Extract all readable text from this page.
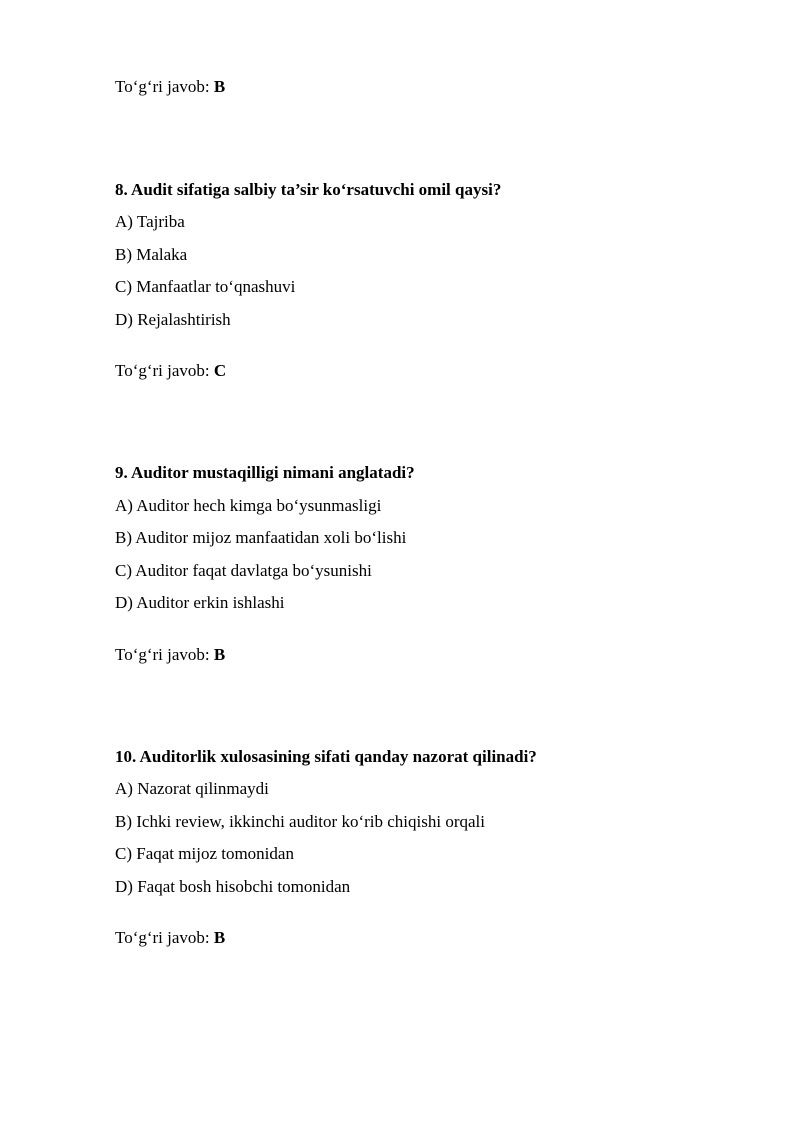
To‘g‘ri javob: B
8. Audit sifatiga salbiy ta’sir ko‘rsatuvchi omil qaysi?
A) Tajriba
B) Malaka
C) Manfaatlar to‘qnashuvi
D) Rejalashtirish
To‘g‘ri javob: C
9. Auditor mustaqilligi nimani anglatadi?
A) Auditor hech kimga bo‘ysunmasligi
B) Auditor mijoz manfaatidan xoli bo‘lishi
C) Auditor faqat davlatga bo‘ysunishi
D) Auditor erkin ishlashi
To‘g‘ri javob: B
10. Auditorlik xulosasining sifati qanday nazorat qilinadi?
A) Nazorat qilinmaydi
B) Ichki review, ikkinchi auditor ko‘rib chiqishi orqali
C) Faqat mijoz tomonidan
D) Faqat bosh hisobchi tomonidan
To‘g‘ri javob: B
